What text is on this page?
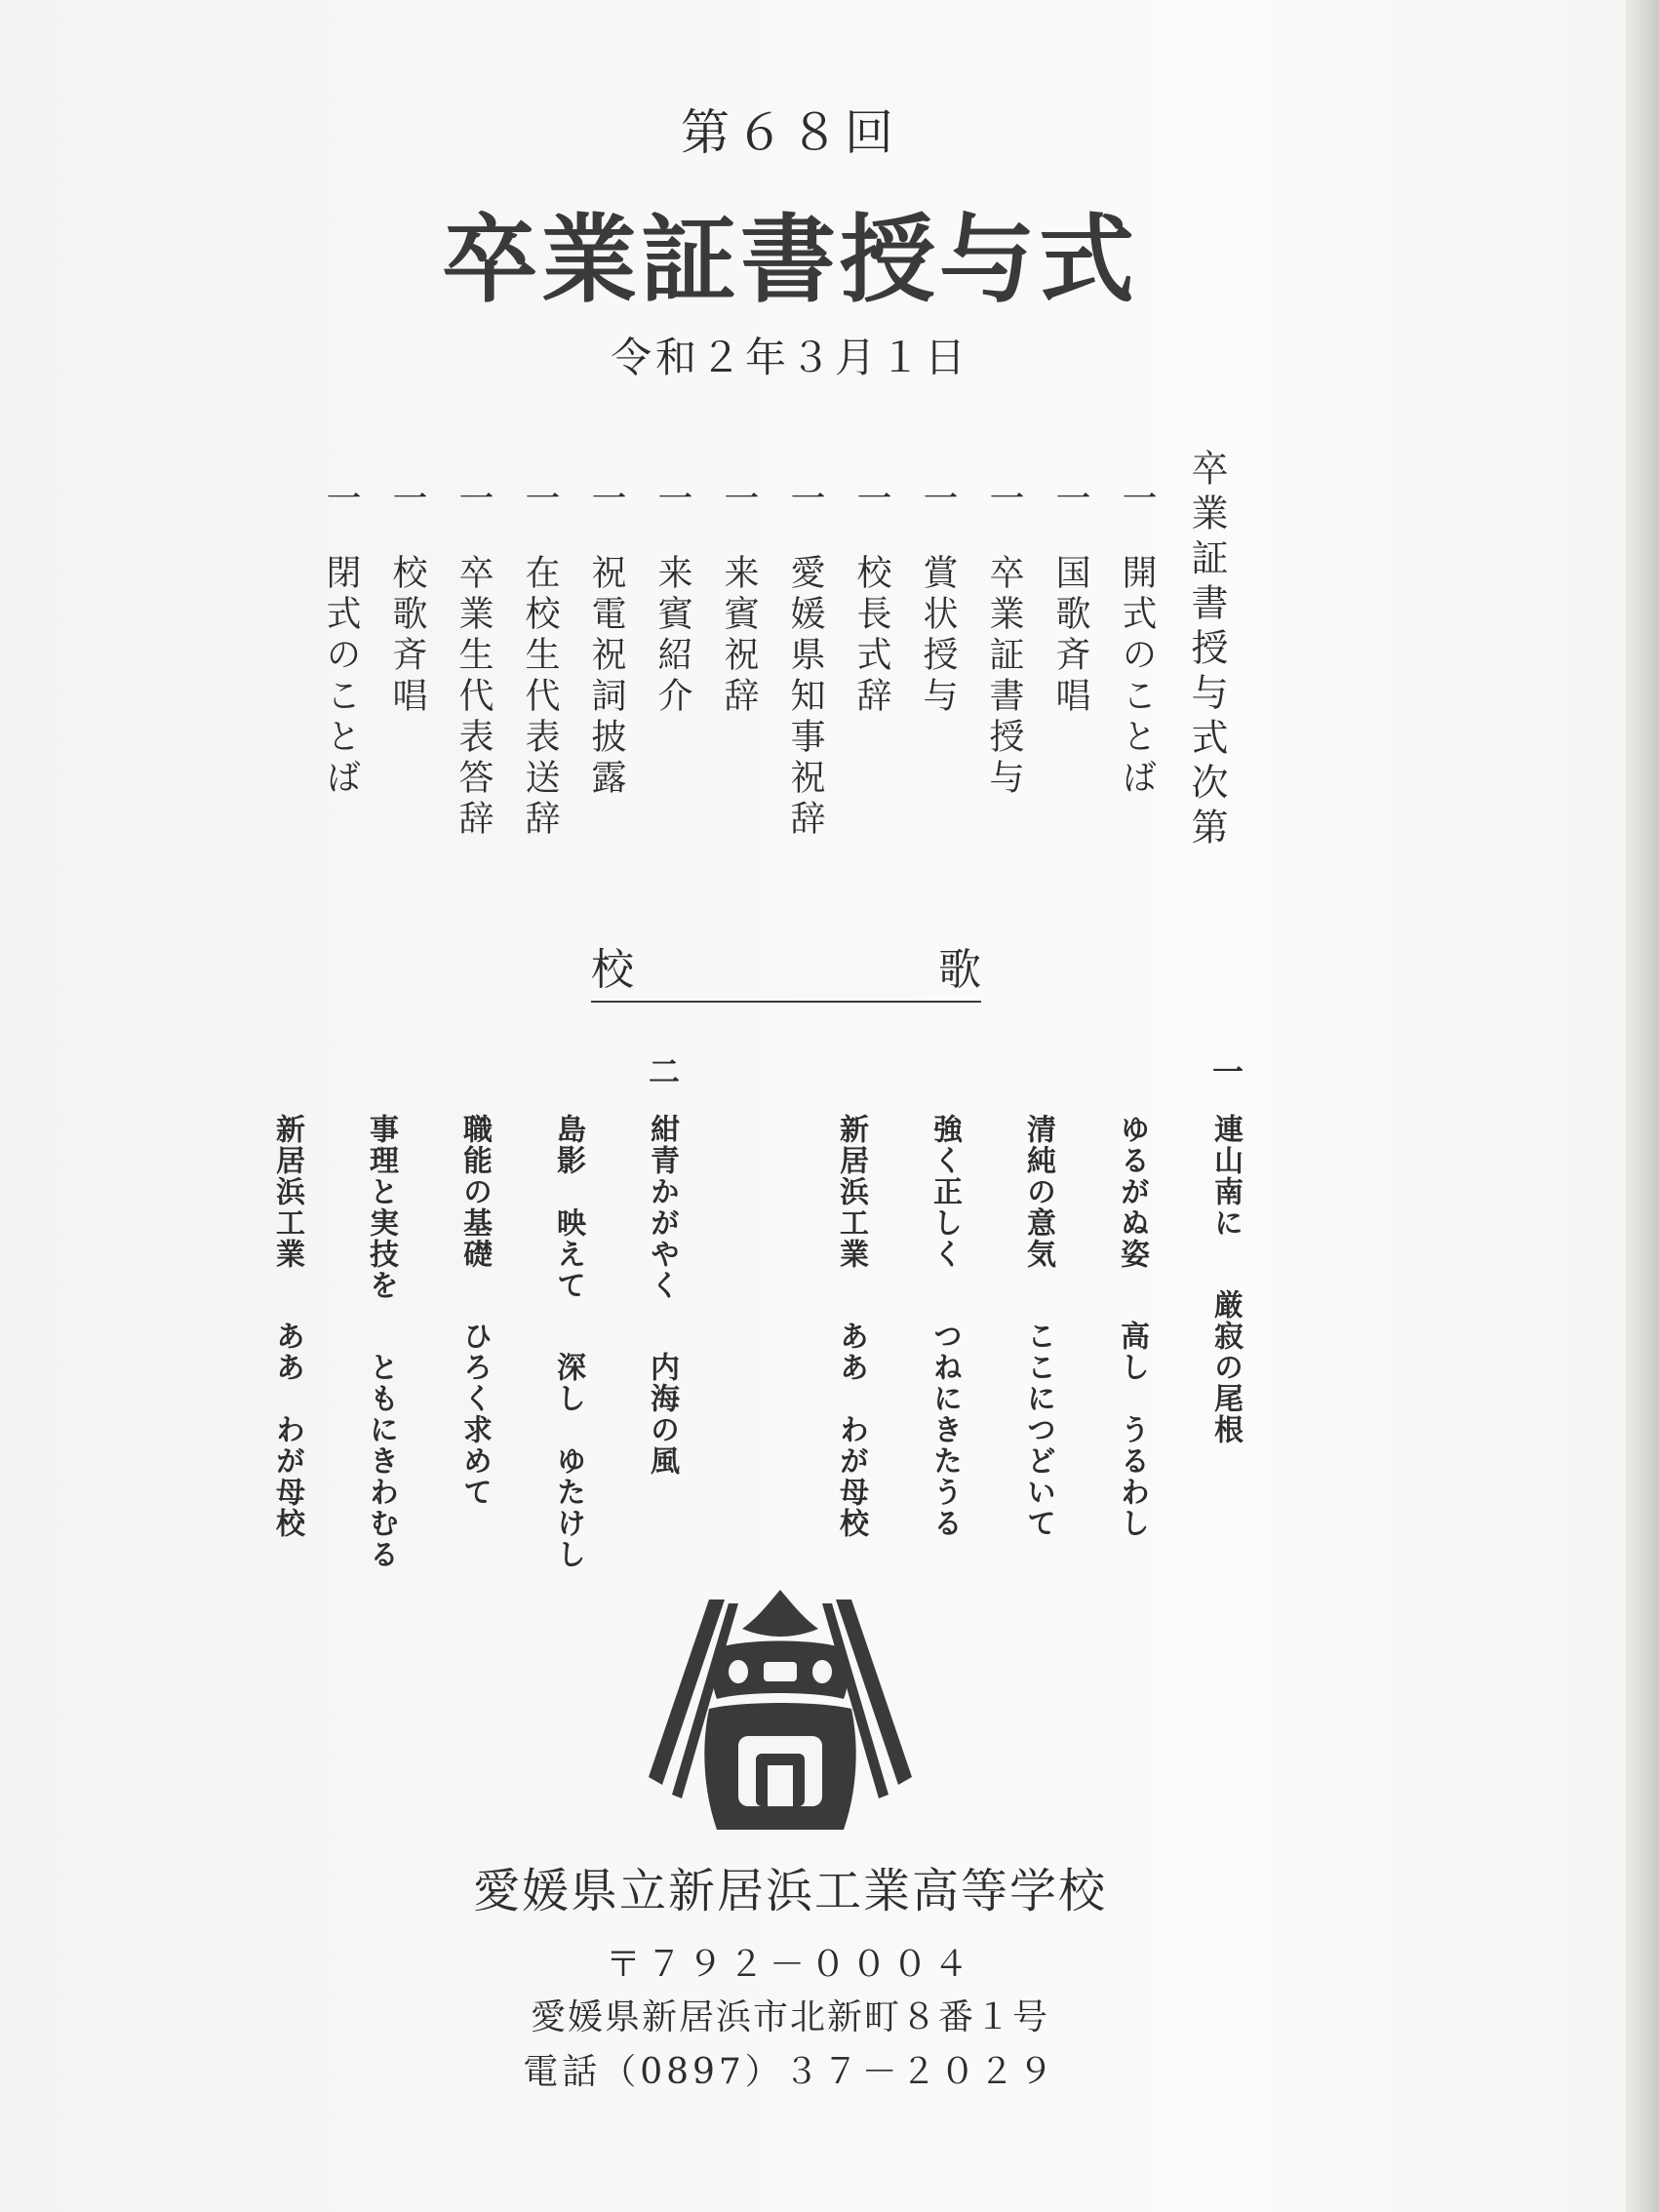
第６８回
卒業証書授与式
令和２年３月１日
卒業証書授与式次第
一開式のことば
一国歌斉唱
一卒業証書授与
一賞状授与
一校長式辞
一愛媛県知事祝辞
一来賓祝辞
一来賓紹介
一祝電祝詞披露
一在校生代表送辞
一卒業生代表答辞
一校歌斉唱
一閉式のことば
校	歌
一
連山南に厳寂の尾根
ゆるがぬ姿高し　うるわし
清純の意気ここにつどいて
強く正しくつねにきたうる
新居浜工業ああ　わが母校
二
紺青かがやく内海の風
島影　映えて深し　ゆたけし
職能の基礎ひろく求めて
事理と実技をともにきわむる
新居浜工業ああ　わが母校
愛媛県立新居浜工業高等学校
〒７９２－０００４
愛媛県新居浜市北新町８番１号
電話（0897）３７－２０２９
